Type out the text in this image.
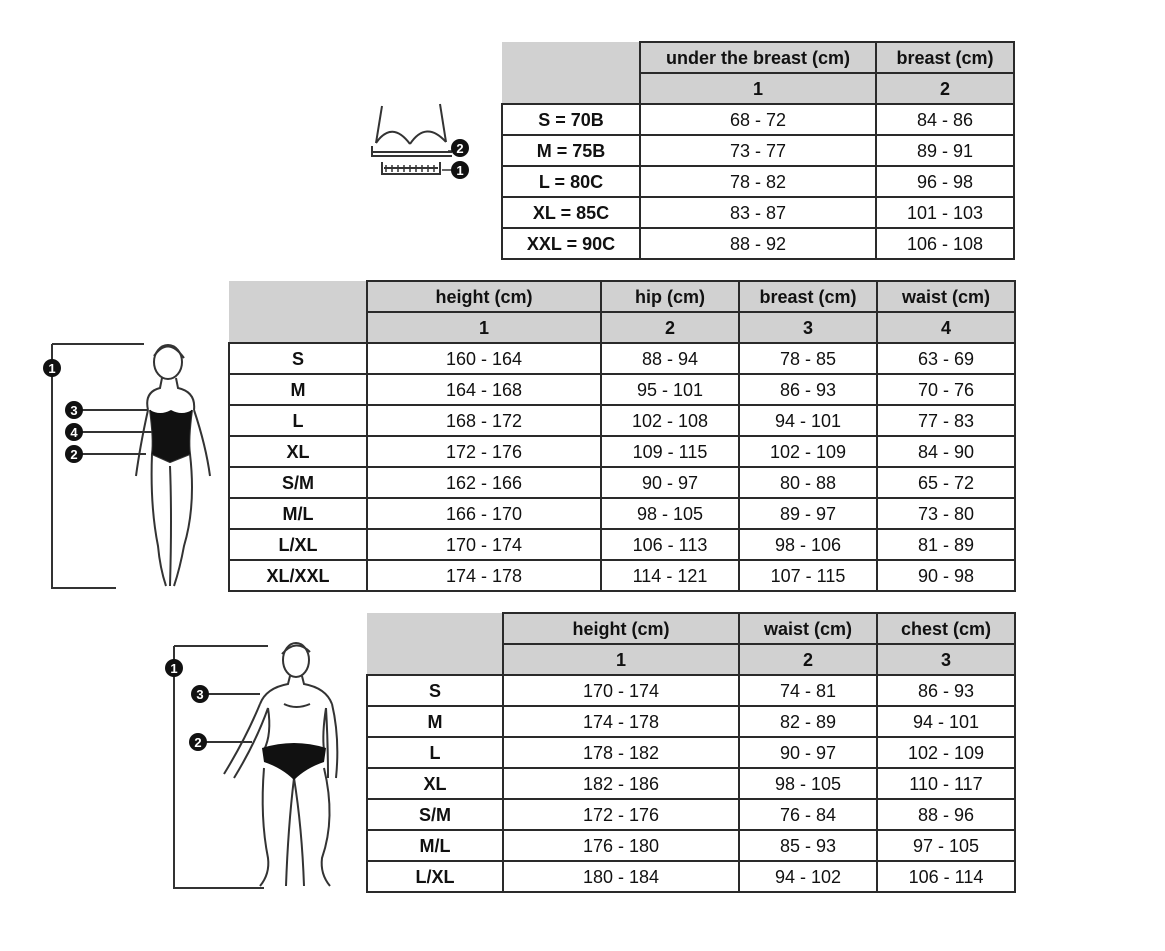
2
1
	under the breast (cm)	breast (cm)
	1	2
S = 70B	68 - 72	84 - 86
M = 75B	73 - 77	89 - 91
L = 80C	78 - 82	96 - 98
XL = 85C	83 - 87	101 - 103
XXL = 90C	88 - 92	106 - 108
1
3
4
2
	height (cm)	hip (cm)	breast (cm)	waist (cm)
	1	2	3	4
S	160 - 164	88 - 94	78 - 85	63 - 69
M	164 - 168	95 - 101	86 - 93	70 - 76
L	168 - 172	102 - 108	94 - 101	77 - 83
XL	172 - 176	109 - 115	102 - 109	84 - 90
S/M	162 - 166	90 - 97	80 - 88	65 - 72
M/L	166 - 170	98 - 105	89 - 97	73 - 80
L/XL	170 - 174	106 - 113	98 - 106	81 - 89
XL/XXL	174 - 178	114 - 121	107 - 115	90 - 98
1
3
2
	height (cm)	waist (cm)	chest (cm)
	1	2	3
S	170 - 174	74 - 81	86 - 93
M	174 - 178	82 - 89	94 - 101
L	178 - 182	90 - 97	102 - 109
XL	182 - 186	98 - 105	110 - 117
S/M	172 - 176	76 - 84	88 - 96
M/L	176 - 180	85 - 93	97 - 105
L/XL	180 - 184	94 - 102	106 - 114
